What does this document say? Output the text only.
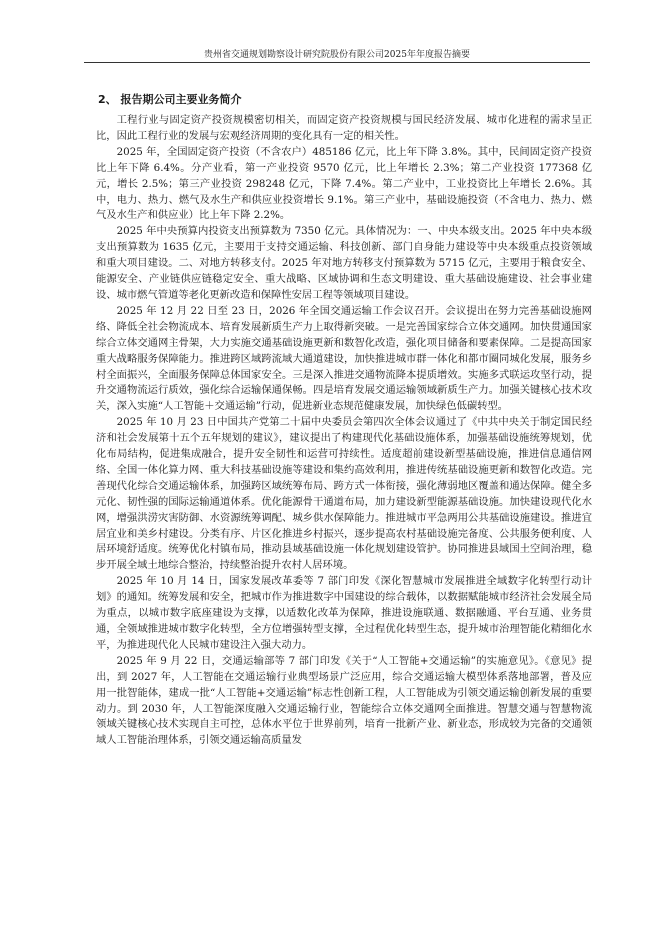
贵州省交通规划勘察设计研究院股份有限公司2025年年度报告摘要
2、 报告期公司主要业务简介

工程行业与固定资产投资规模密切相关，而固定资产投资规模与国民经济发展、城市化进程的需求呈正比，因此工程行业的发展与宏观经济周期的变化具有一定的相关性。

2025 年，全国固定资产投资（不含农户）485186 亿元，比上年下降 3.8%。其中，民间固定资产投资比上年下降 6.4%。分产业看，第一产业投资 9570 亿元，比上年增长 2.3%；第二产业投资 177368 亿元，增长 2.5%；第三产业投资 298248 亿元，下降 7.4%。第二产业中，工业投资比上年增长 2.6%。其中，电力、热力、燃气及水生产和供应业投资增长 9.1%。第三产业中，基础设施投资（不含电力、热力、燃气及水生产和供应业）比上年下降 2.2%。

2025 年中央预算内投资支出预算数为 7350 亿元。具体情况为：一、中央本级支出。2025 年中央本级支出预算数为 1635 亿元，主要用于支持交通运输、科技创新、部门自身能力建设等中央本级重点投资领域和重大项目建设。二、对地方转移支付。2025 年对地方转移支付预算数为 5715 亿元，主要用于粮食安全、能源安全、产业链供应链稳定安全、重大战略、区域协调和生态文明建设、重大基础设施建设、社会事业建设、城市燃气管道等老化更新改造和保障性安居工程等领域项目建设。

2025 年 12 月 22 日至 23 日，2026 年全国交通运输工作会议召开。会议提出在努力完善基础设施网络、降低全社会物流成本、培育发展新质生产力上取得新突破。一是完善国家综合立体交通网。加快贯通国家综合立体交通网主骨架，大力实施交通基础设施更新和数智化改造，强化项目储备和要素保障。二是提高国家重大战略服务保障能力。推进跨区域跨流域大通道建设，加快推进城市群一体化和都市圈同城化发展，服务乡村全面振兴，全面服务保障总体国家安全。三是深入推进交通物流降本提质增效。实施多式联运攻坚行动，提升交通物流运行质效，强化综合运输保通保畅。四是培育发展交通运输领域新质生产力。加强关键核心技术攻关，深入实施“人工智能＋交通运输”行动，促进新业态规范健康发展，加快绿色低碳转型。

2025 年 10 月 23 日中国共产党第二十届中央委员会第四次全体会议通过了《中共中央关于制定国民经济和社会发展第十五个五年规划的建议》，建议提出了构建现代化基础设施体系，加强基础设施统筹规划，优化布局结构，促进集成融合，提升安全韧性和运营可持续性。适度超前建设新型基础设施，推进信息通信网络、全国一体化算力网、重大科技基础设施等建设和集约高效利用，推进传统基础设施更新和数智化改造。完善现代化综合交通运输体系，加强跨区域统筹布局、跨方式一体衔接，强化薄弱地区覆盖和通达保障。健全多元化、韧性强的国际运输通道体系。优化能源骨干通道布局，加力建设新型能源基础设施。加快建设现代化水网，增强洪涝灾害防御、水资源统筹调配、城乡供水保障能力。推进城市平急两用公共基础设施建设。推进宜居宜业和美乡村建设。分类有序、片区化推进乡村振兴，逐步提高农村基础设施完备度、公共服务便利度、人居环境舒适度。统筹优化村镇布局，推动县域基础设施一体化规划建设管护。协同推进县域国土空间治理，稳步开展全域土地综合整治，持续整治提升农村人居环境。

2025 年 10 月 14 日，国家发展改革委等 7 部门印发《深化智慧城市发展推进全域数字化转型行动计划》的通知。统筹发展和安全，把城市作为推进数字中国建设的综合载体，以数据赋能城市经济社会发展全局为重点，以城市数字底座建设为支撑，以适数化改革为保障，推进设施联通、数据融通、平台互通、业务贯通，全领域推进城市数字化转型，全方位增强转型支撑，全过程优化转型生态，提升城市治理智能化精细化水平，为推进现代化人民城市建设注入强大动力。

2025 年 9 月 22 日，交通运输部等 7 部门印发《关于“人工智能+交通运输”的实施意见》。《意见》提出，到 2027 年，人工智能在交通运输行业典型场景广泛应用，综合交通运输大模型体系落地部署，普及应用一批智能体，建成一批“人工智能+交通运输”标志性创新工程，人工智能成为引领交通运输创新发展的重要动力。到 2030 年，人工智能深度融入交通运输行业，智能综合立体交通网全面推进。智慧交通与智慧物流领域关键核心技术实现自主可控，总体水平位于世界前列，培育一批新产业、新业态，形成较为完备的交通领域人工智能治理体系，引领交通运输高质量发
